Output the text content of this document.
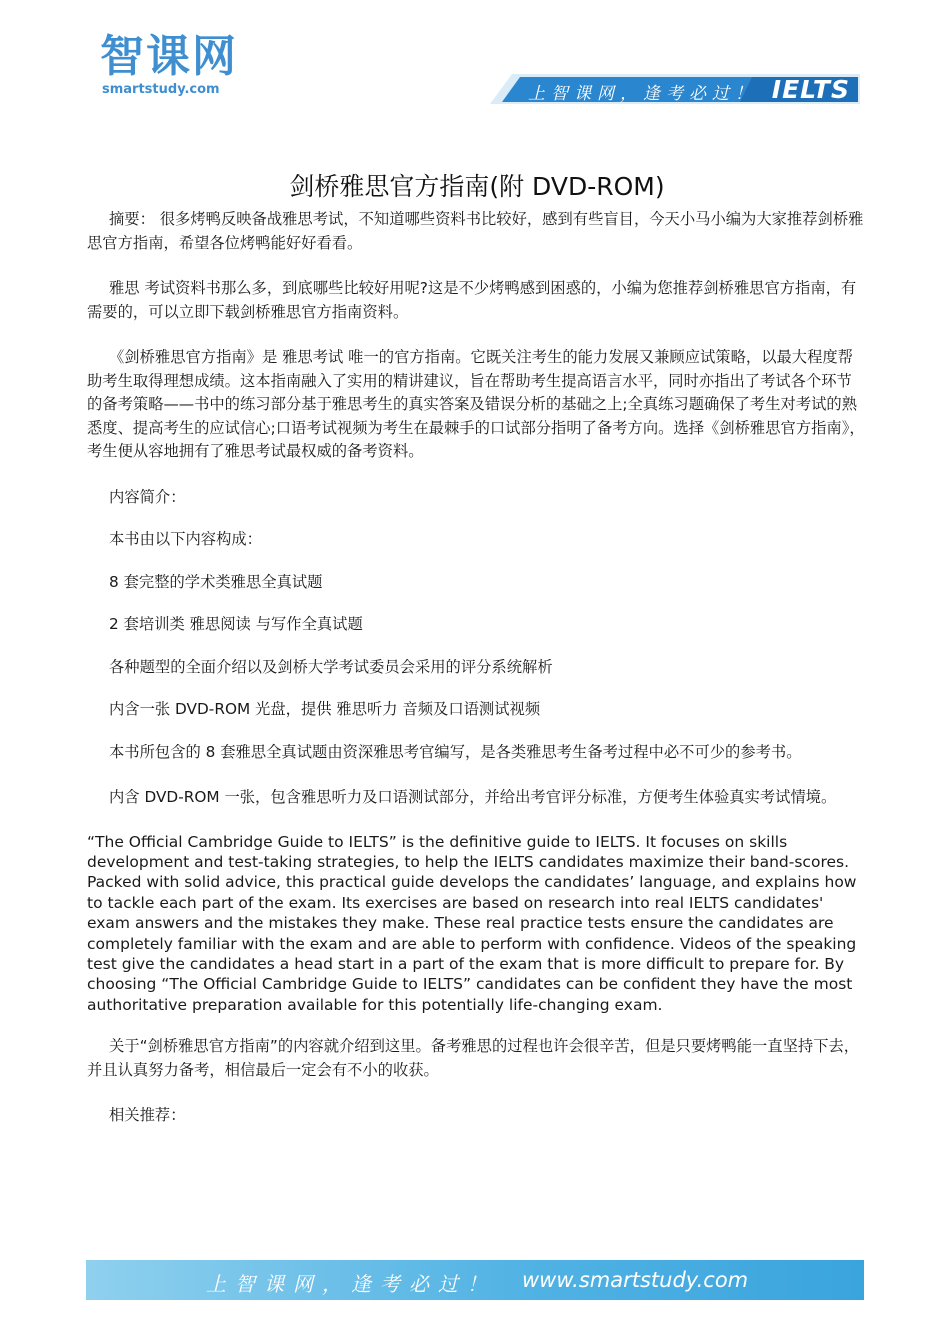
智课网
smartstudy.com	上智课网，逢考必过！ IELTS
剑桥雅思官方指南(附 DVD-ROM)

摘要： 很多烤鸭反映备战雅思考试，不知道哪些资料书比较好，感到有些盲目，今天小马小编为大家推荐剑桥雅思官方指南，希望各位烤鸭能好好看看。

雅思 考试资料书那么多，到底哪些比较好用呢?这是不少烤鸭感到困惑的，小编为您推荐剑桥雅思官方指南，有需要的，可以立即下载剑桥雅思官方指南资料。

《剑桥雅思官方指南》是 雅思考试 唯一的官方指南。它既关注考生的能力发展又兼顾应试策略，以最大程度帮助考生取得理想成绩。这本指南融入了实用的精讲建议，旨在帮助考生提高语言水平，同时亦指出了考试各个环节的备考策略——书中的练习部分基于雅思考生的真实答案及错误分析的基础之上;全真练习题确保了考生对考试的熟悉度、提高考生的应试信心;口语考试视频为考生在最棘手的口试部分指明了备考方向。选择《剑桥雅思官方指南》，考生便从容地拥有了雅思考试最权威的备考资料。

内容简介：

本书由以下内容构成：

8 套完整的学术类雅思全真试题

2 套培训类 雅思阅读 与写作全真试题

各种题型的全面介绍以及剑桥大学考试委员会采用的评分系统解析

内含一张 DVD-ROM 光盘，提供 雅思听力 音频及口语测试视频

本书所包含的 8 套雅思全真试题由资深雅思考官编写，是各类雅思考生备考过程中必不可少的参考书。

内含 DVD-ROM 一张，包含雅思听力及口语测试部分，并给出考官评分标准，方便考生体验真实考试情境。

“The Official Cambridge Guide to IELTS” is the definitive guide to IELTS. It focuses on skills development and test-taking strategies, to help the IELTS candidates maximize their band-scores. Packed with solid advice, this practical guide develops the candidates’ language, and explains how to tackle each part of the exam. Its exercises are based on research into real IELTS candidates' exam answers and the mistakes they make. These real practice tests ensure the candidates are completely familiar with the exam and are able to perform with confidence. Videos of the speaking test give the candidates a head start in a part of the exam that is more difficult to prepare for. By choosing “The Official Cambridge Guide to IELTS” candidates can be confident they have the most authoritative preparation available for this potentially life-changing exam.

关于“剑桥雅思官方指南”的内容就介绍到这里。备考雅思的过程也许会很辛苦，但是只要烤鸭能一直坚持下去，并且认真努力备考，相信最后一定会有不小的收获。

相关推荐：

上智课网，逢考必过！ www.smartstudy.com
